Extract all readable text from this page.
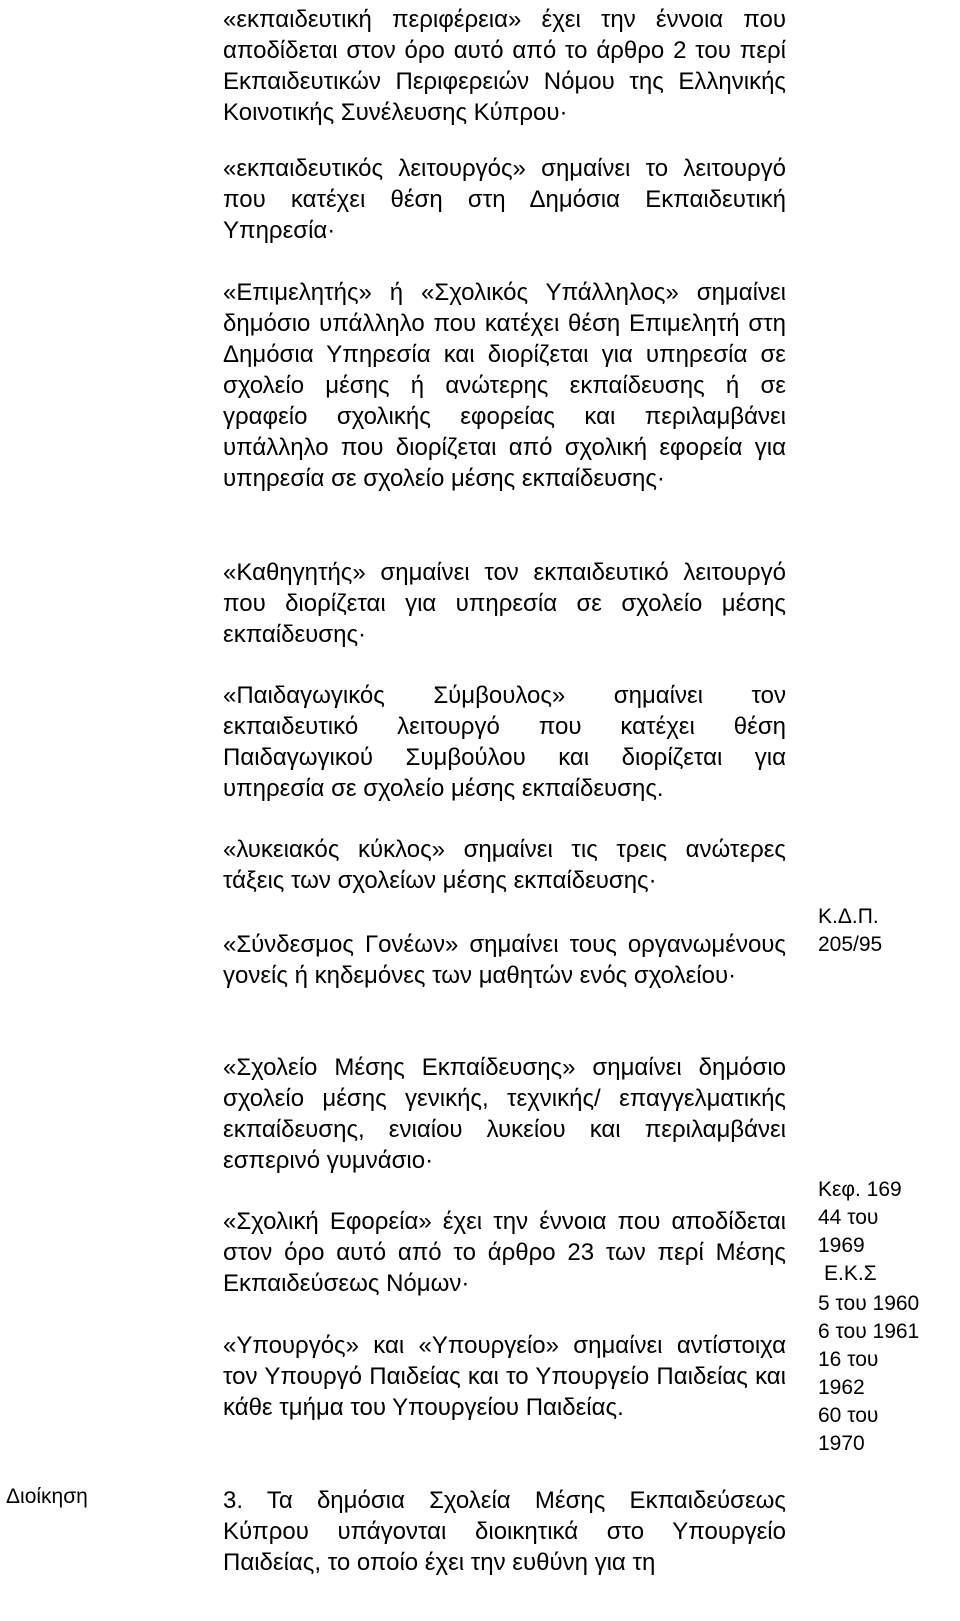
«εκπαιδευτική περιφέρεια» έχει την έννοια που αποδίδεται στον όρο αυτό από το άρθρο 2 του περί Εκπαιδευτικών Περιφερειών Νόμου της Ελληνικής Κοινοτικής Συνέλευσης Κύπρου·

«εκπαιδευτικός λειτουργός» σημαίνει το λειτουργό που κατέχει θέση στη Δημόσια Εκπαιδευτική Υπηρεσία·

«Επιμελητής» ή «Σχολικός Υπάλληλος» σημαίνει δημόσιο υπάλληλο που κατέχει θέση Επιμελητή στη Δημόσια Υπηρεσία και διορίζεται για υπηρεσία σε σχολείο μέσης ή ανώτερης εκπαίδευσης ή σε γραφείο σχολικής εφορείας και περιλαμβάνει υπάλληλο που διορίζεται από σχολική εφορεία για υπηρεσία σε σχολείο μέσης εκπαίδευσης·

«Καθηγητής» σημαίνει τον εκπαιδευτικό λειτουργό που διορίζεται για υπηρεσία σε σχολείο μέσης εκπαίδευσης·

«Παιδαγωγικός Σύμβουλος» σημαίνει τον εκπαιδευτικό λειτουργό που κατέχει θέση Παιδαγωγικού Συμβούλου και διορίζεται για υπηρεσία σε σχολείο μέσης εκπαίδευσης.

«λυκειακός κύκλος» σημαίνει τις τρεις ανώτερες τάξεις των σχολείων μέσης εκπαίδευσης·

«Σύνδεσμος Γονέων» σημαίνει τους οργανωμένους γονείς ή κηδεμόνες των μαθητών ενός σχολείου·

«Σχολείο Μέσης Εκπαίδευσης» σημαίνει δημόσιο σχολείο μέσης γενικής, τεχνικής/ επαγγελματικής εκπαίδευσης, ενιαίου λυκείου και περιλαμβάνει εσπερινό γυμνάσιο·

«Σχολική Εφορεία» έχει την έννοια που αποδίδεται στον όρο αυτό από το άρθρο 23 των περί Μέσης Εκπαιδεύσεως Νόμων·

«Υπουργός» και «Υπουργείο» σημαίνει αντίστοιχα τον Υπουργό Παιδείας και το Υπουργείο Παιδείας και κάθε τμήμα του Υπουργείου Παιδείας.

3. Τα δημόσια Σχολεία Μέσης Εκπαιδεύσεως Κύπρου υπάγονται διοικητικά στο Υπουργείο Παιδείας, το οποίο έχει την ευθύνη για τη

Κ.Δ.Π.
205/95
Κεφ. 169
44 του
1969
Ε.Κ.Σ
5 του 1960
6 του 1961
16 του
1962
60 του
1970
Διοίκηση
